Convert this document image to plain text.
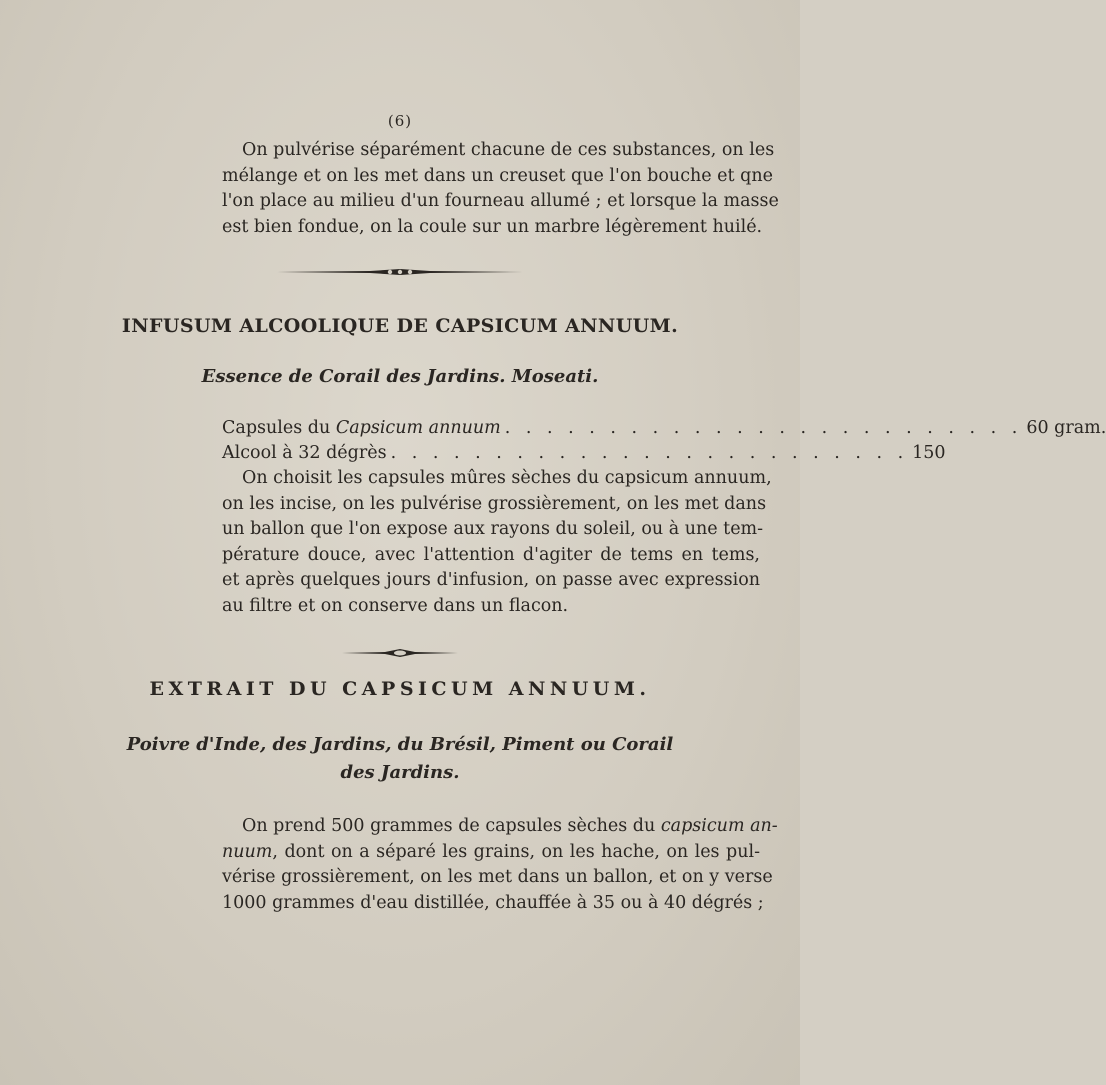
(6)
On pulvérise séparément chacune de ces substances, on les
mélange et on les met dans un creuset que l'on bouche et qne
l'on place au milieu d'un fourneau allumé ; et lorsque la masse
est bien fondue, on la coule sur un marbre légèrement huilé.
INFUSUM ALCOOLIQUE DE CAPSICUM ANNUUM.
Essence de Corail des Jardins. Moseati.
Capsules du Capsicum annuum . . . . . . . . . . . . . . . . . . . . . . . . . 60 gram.
Alcool à 32 dégrès . . . . . . . . . . . . . . . . . . . . . . . . . 150
On choisit les capsules mûres sèches du capsicum annuum,
on les incise, on les pulvérise grossièrement, on les met dans
un ballon que l'on expose aux rayons du soleil, ou à une tem-
pérature douce, avec l'attention d'agiter de tems en tems,
et après quelques jours d'infusion, on passe avec expression
au filtre et on conserve dans un flacon.
EXTRAIT DU CAPSICUM ANNUUM.
Poivre d'Inde, des Jardins, du Brésil, Piment ou Corail
des Jardins.
On prend 500 grammes de capsules sèches du capsicum an-
nuum, dont on a séparé les grains, on les hache, on les pul-
vérise grossièrement, on les met dans un ballon, et on y verse
1000 grammes d'eau distillée, chauffée à 35 ou à 40 dégrés ;
